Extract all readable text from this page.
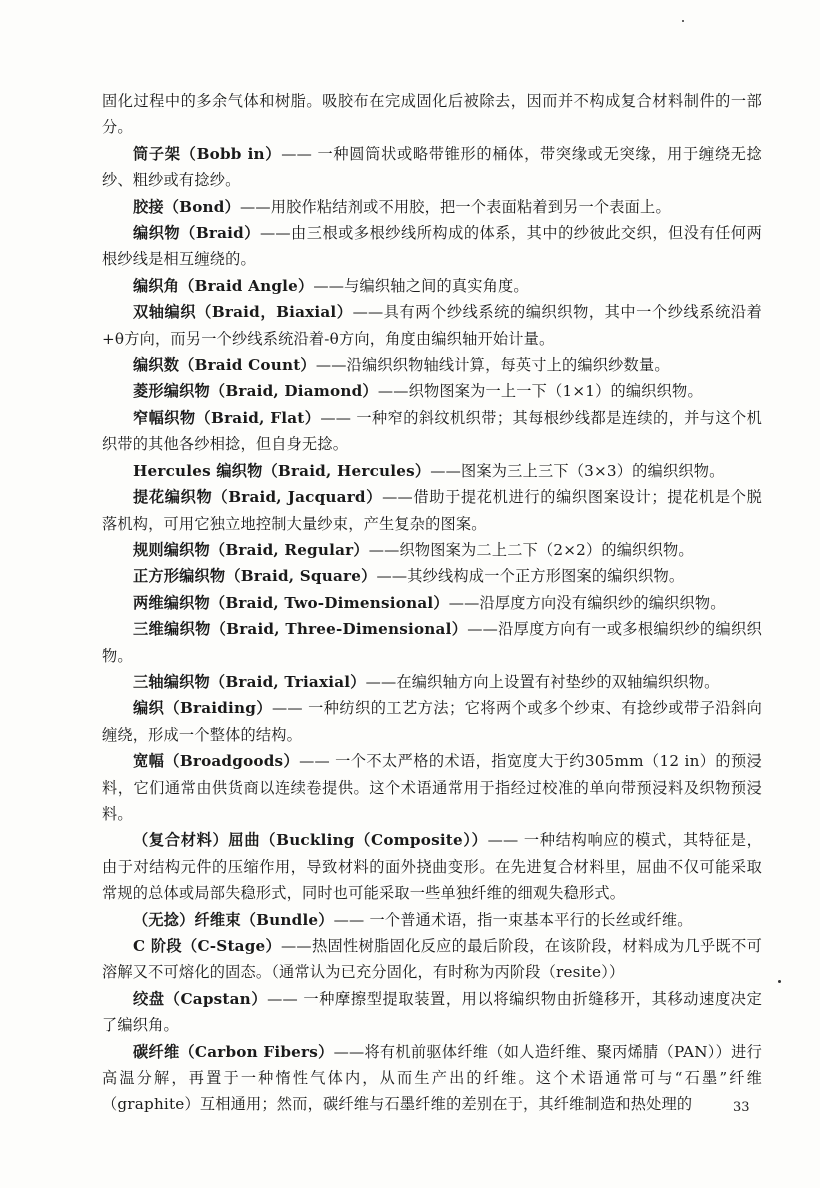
固化过程中的多余气体和树脂。吸胶布在完成固化后被除去，因而并不构成复合材料制件的一部分。

筒子架（Bobb in）—— 一种圆筒状或略带锥形的桶体，带突缘或无突缘，用于缠绕无捻纱、粗纱或有捻纱。

胶接（Bond）——用胶作粘结剂或不用胶，把一个表面粘着到另一个表面上。

编织物（Braid）——由三根或多根纱线所构成的体系，其中的纱彼此交织，但没有任何两根纱线是相互缠绕的。

编织角（Braid Angle）——与编织轴之间的真实角度。

双轴编织（Braid，Biaxial）——具有两个纱线系统的编织织物，其中一个纱线系统沿着+θ方向，而另一个纱线系统沿着-θ方向，角度由编织轴开始计量。

编织数（Braid Count）——沿编织织物轴线计算，每英寸上的编织纱数量。

菱形编织物（Braid, Diamond）——织物图案为一上一下（1×1）的编织织物。

窄幅织物（Braid, Flat）—— 一种窄的斜纹机织带；其每根纱线都是连续的，并与这个机织带的其他各纱相捻，但自身无捻。

Hercules 编织物（Braid, Hercules）——图案为三上三下（3×3）的编织织物。

提花编织物（Braid, Jacquard）——借助于提花机进行的编织图案设计；提花机是个脱落机构，可用它独立地控制大量纱束，产生复杂的图案。

规则编织物（Braid, Regular）——织物图案为二上二下（2×2）的编织织物。

正方形编织物（Braid, Square）——其纱线构成一个正方形图案的编织织物。

两维编织物（Braid, Two-Dimensional）——沿厚度方向没有编织纱的编织织物。

三维编织物（Braid, Three-Dimensional）——沿厚度方向有一或多根编织纱的编织织物。

三轴编织物（Braid, Triaxial）——在编织轴方向上设置有衬垫纱的双轴编织织物。

编织（Braiding）—— 一种纺织的工艺方法；它将两个或多个纱束、有捻纱或带子沿斜向缠绕，形成一个整体的结构。

宽幅（Broadgoods）—— 一个不太严格的术语，指宽度大于约305mm（12 in）的预浸料，它们通常由供货商以连续卷提供。这个术语通常用于指经过校准的单向带预浸料及织物预浸料。

（复合材料）屈曲（Buckling（Composite））—— 一种结构响应的模式，其特征是，由于对结构元件的压缩作用，导致材料的面外挠曲变形。在先进复合材料里，屈曲不仅可能采取常规的总体或局部失稳形式，同时也可能采取一些单独纤维的细观失稳形式。

（无捻）纤维束（Bundle）—— 一个普通术语，指一束基本平行的长丝或纤维。

C 阶段（C-Stage）——热固性树脂固化反应的最后阶段，在该阶段，材料成为几乎既不可溶解又不可熔化的固态。（通常认为已充分固化，有时称为丙阶段（resite））

绞盘（Capstan）—— 一种摩擦型提取装置，用以将编织物由折缝移开，其移动速度决定了编织角。

碳纤维（Carbon Fibers）——将有机前驱体纤维（如人造纤维、聚丙烯腈（PAN））进行高温分解，再置于一种惰性气体内，从而生产出的纤维。这个术语通常可与“石墨”纤维（graphite）互相通用；然而，碳纤维与石墨纤维的差别在于，其纤维制造和热处理的	33
